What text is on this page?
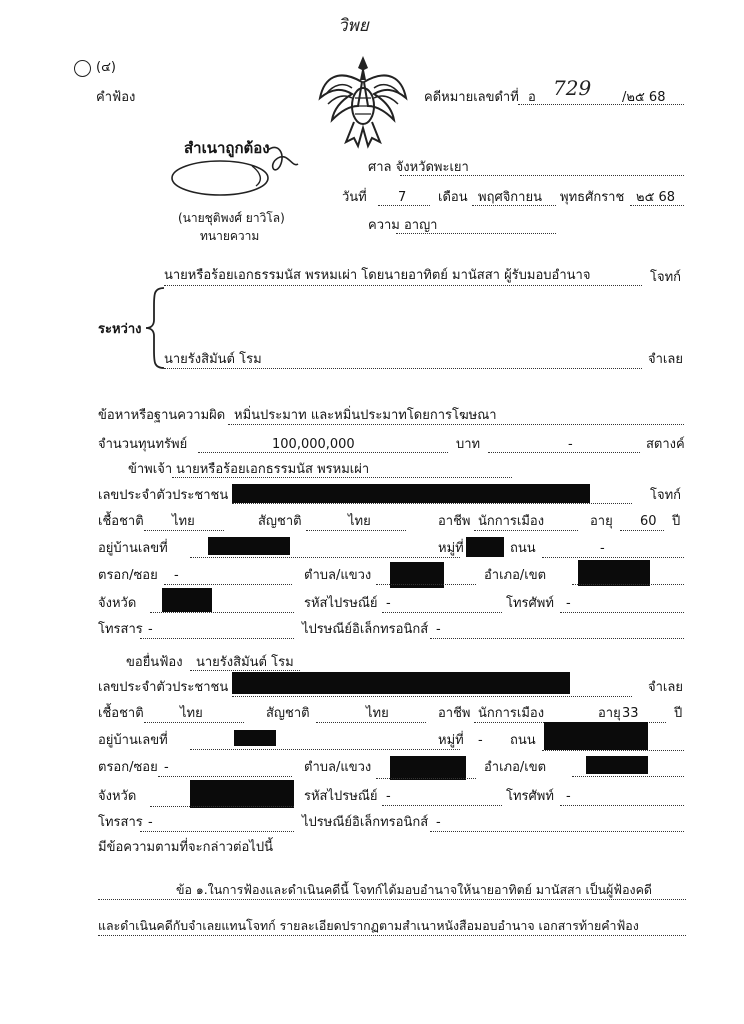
วิพย
(๔)
คำฟ้อง	คดีหมายเลขดำที่ อ 729 /๒๕ 68
สำเนาถูกต้อง
(นายชุติพงศ์ ยาวิโล)
ทนายความ
ศาล จังหวัดพะเยา
วันที่ 7 เดือน พฤศจิกายน พุทธศักราช ๒๕ 68
ความ อาญา
นายหรือร้อยเอกธรรมนัส พรหมเผ่า โดยนายอาทิตย์ มานัสสา ผู้รับมอบอำนาจ	โจทก์
ระหว่าง
นายรังสิมันต์ โรม	จำเลย
ข้อหาหรือฐานความผิด หมิ่นประมาท และหมิ่นประมาทโดยการโฆษณา
จำนวนทุนทรัพย์	100,000,000	บาท	-	สตางค์
ข้าพเจ้า นายหรือร้อยเอกธรรมนัส พรหมเผ่า
เลขประจำตัวประชาชน	โจทก์
เชื้อชาติ ไทย	สัญชาติ	ไทย	อาชีพ นักการเมือง	อายุ 60 ปี
อยู่บ้านเลขที่	หมู่ที่	ถนน	-
ตรอก/ซอย -	ตำบล/แขวง	อำเภอ/เขต
จังหวัด	รหัสไปรษณีย์ -	โทรศัพท์ -
โทรสาร -	ไปรษณีย์อิเล็กทรอนิกส์ -
ขอยื่นฟ้อง นายรังสิมันต์ โรม
เลขประจำตัวประชาชน	จำเลย
เชื้อชาติ	ไทย	สัญชาติ	ไทย	อาชีพ นักการเมือง	อายุ 33	ปี
อยู่บ้านเลขที่	หมู่ที่ - ถนน
ตรอก/ซอย -	ตำบล/แขวง	อำเภอ/เขต
จังหวัด	รหัสไปรษณีย์ -	โทรศัพท์ -
โทรสาร -	ไปรษณีย์อิเล็กทรอนิกส์ -
มีข้อความตามที่จะกล่าวต่อไปนี้
ข้อ ๑.ในการฟ้องและดำเนินคดีนี้ โจทก์ได้มอบอำนาจให้นายอาทิตย์ มานัสสา เป็นผู้ฟ้องคดี
และดำเนินคดีกับจำเลยแทนโจทก์ รายละเอียดปรากฏตามสำเนาหนังสือมอบอำนาจ เอกสารท้ายคำฟ้อง
